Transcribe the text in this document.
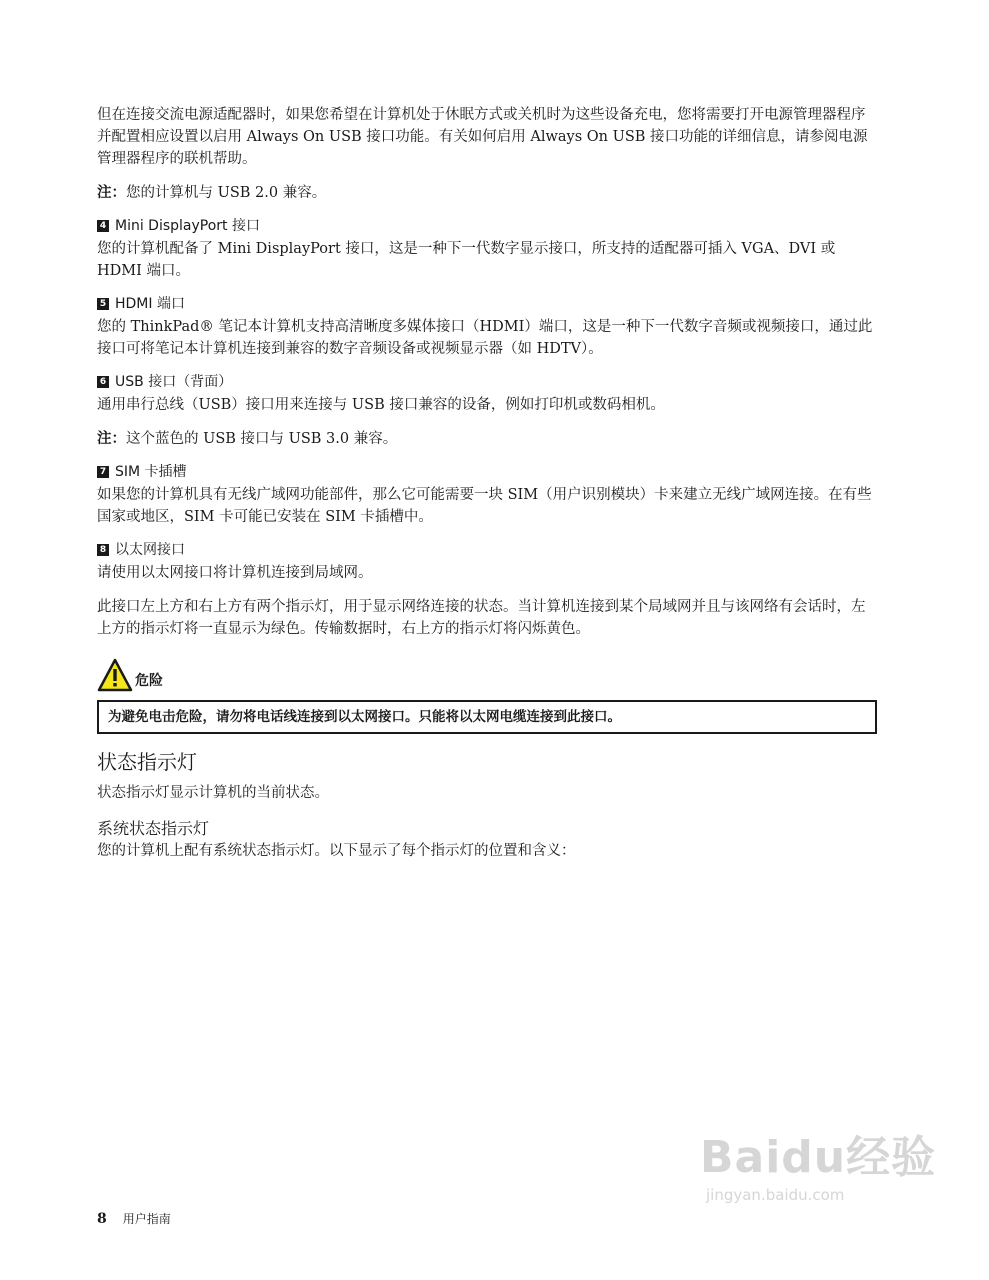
但在连接交流电源适配器时，如果您希望在计算机处于休眠方式或关机时为这些设备充电，您将需要打开电源管理器程序并配置相应设置以启用 Always On USB 接口功能。有关如何启用 Always On USB 接口功能的详细信息，请参阅电源管理器程序的联机帮助。

注：您的计算机与 USB 2.0 兼容。

4 Mini DisplayPort 接口

您的计算机配备了 Mini DisplayPort 接口，这是一种下一代数字显示接口，所支持的适配器可插入 VGA、DVI 或 HDMI 端口。

5 HDMI 端口

您的 ThinkPad® 笔记本计算机支持高清晰度多媒体接口（HDMI）端口，这是一种下一代数字音频或视频接口，通过此接口可将笔记本计算机连接到兼容的数字音频设备或视频显示器（如 HDTV）。

6 USB 接口（背面）

通用串行总线（USB）接口用来连接与 USB 接口兼容的设备，例如打印机或数码相机。

注：这个蓝色的 USB 接口与 USB 3.0 兼容。

7 SIM 卡插槽

如果您的计算机具有无线广域网功能部件，那么它可能需要一块 SIM（用户识别模块）卡来建立无线广域网连接。在有些国家或地区，SIM 卡可能已安装在 SIM 卡插槽中。

8 以太网接口

请使用以太网接口将计算机连接到局域网。

此接口左上方和右上方有两个指示灯，用于显示网络连接的状态。当计算机连接到某个局域网并且与该网络有会话时，左上方的指示灯将一直显示为绿色。传输数据时，右上方的指示灯将闪烁黄色。

危险
为避免电击危险，请勿将电话线连接到以太网接口。只能将以太网电缆连接到此接口。
状态指示灯

状态指示灯显示计算机的当前状态。

系统状态指示灯

您的计算机上配有系统状态指示灯。以下显示了每个指示灯的位置和含义：

8 用户指南
Baidu经验
jingyan.baidu.com
